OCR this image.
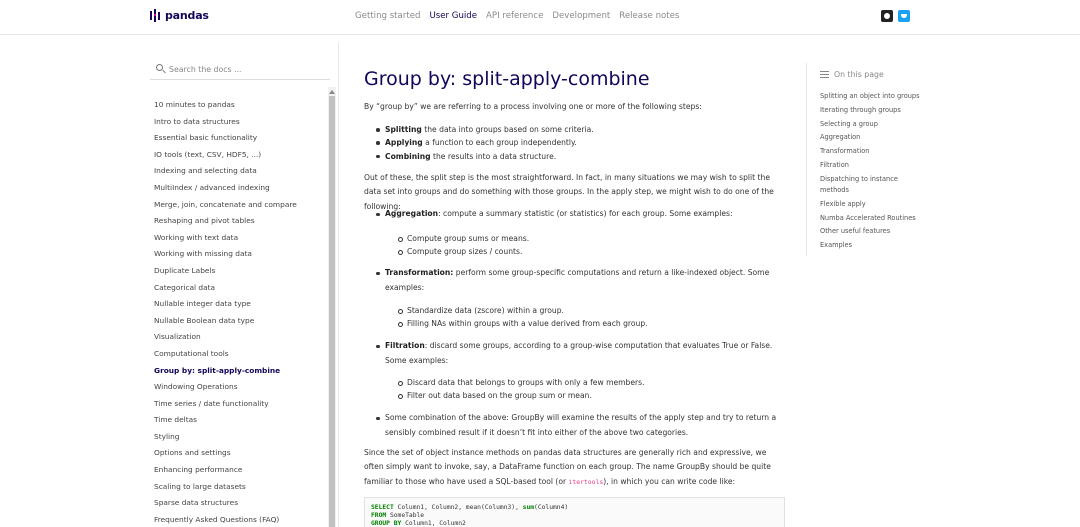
pandas	Getting started User Guide API reference Development Release notes
Search the docs ...
10 minutes to pandas
Intro to data structures
Essential basic functionality
IO tools (text, CSV, HDF5, ...)
Indexing and selecting data
MultiIndex / advanced indexing
Merge, join, concatenate and compare
Reshaping and pivot tables
Working with text data
Working with missing data
Duplicate Labels
Categorical data
Nullable integer data type
Nullable Boolean data type
Visualization
Computational tools
Group by: split-apply-combine
Windowing Operations
Time series / date functionality
Time deltas
Styling
Options and settings
Enhancing performance
Scaling to large datasets
Sparse data structures
Frequently Asked Questions (FAQ)
Group by: split-apply-combine

By “group by” we are referring to a process involving one or more of the following steps:

Splitting the data into groups based on some criteria.
Applying a function to each group independently.
Combining the results into a data structure.

Out of these, the split step is the most straightforward. In fact, in many situations we may wish to split the data set into groups and do something with those groups. In the apply step, we might wish to do one of the following:

Aggregation: compute a summary statistic (or statistics) for each group. Some examples:
Compute group sums or means.
Compute group sizes / counts.
Transformation: perform some group-specific computations and return a like-indexed object. Some examples:
Standardize data (zscore) within a group.
Filling NAs within groups with a value derived from each group.
Filtration: discard some groups, according to a group-wise computation that evaluates True or False. Some examples:
Discard data that belongs to groups with only a few members.
Filter out data based on the group sum or mean.
Some combination of the above: GroupBy will examine the results of the apply step and try to return a sensibly combined result if it doesn’t fit into either of the above two categories.

Since the set of object instance methods on pandas data structures are generally rich and expressive, we often simply want to invoke, say, a DataFrame function on each group. The name GroupBy should be quite familiar to those who have used a SQL-based tool (or itertools), in which you can write code like:

SELECT Column1, Column2, mean(Column3), sum(Column4)
FROM SomeTable
GROUP BY Column1, Column2
On this page
Splitting an object into groups
Iterating through groups
Selecting a group
Aggregation
Transformation
Filtration
Dispatching to instance methods
Flexible apply
Numba Accelerated Routines
Other useful features
Examples
